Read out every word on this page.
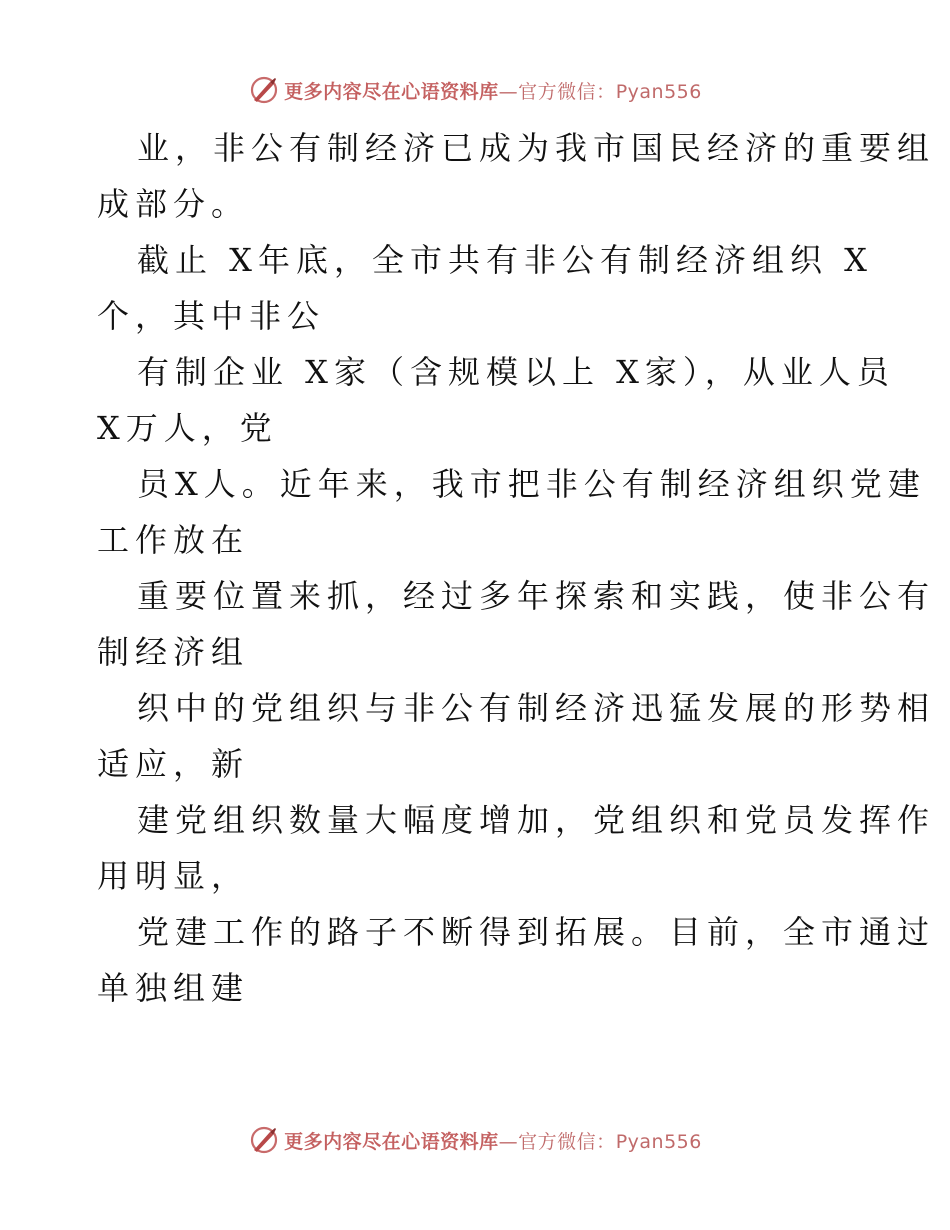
更多内容尽在心语资料库—官方微信：Pyan556
业，非公有制经济已成为我市国民经济的重要组
成部分。
截止 X年底，全市共有非公有制经济组织 X
个，其中非公
有制企业 X家（含规模以上 X家），从业人员
X万人，党
员X人。近年来，我市把非公有制经济组织党建
工作放在
重要位置来抓，经过多年探索和实践，使非公有
制经济组
织中的党组织与非公有制经济迅猛发展的形势相
适应，新
建党组织数量大幅度增加，党组织和党员发挥作
用明显，
党建工作的路子不断得到拓展。目前，全市通过
单独组建
更多内容尽在心语资料库—官方微信：Pyan556
